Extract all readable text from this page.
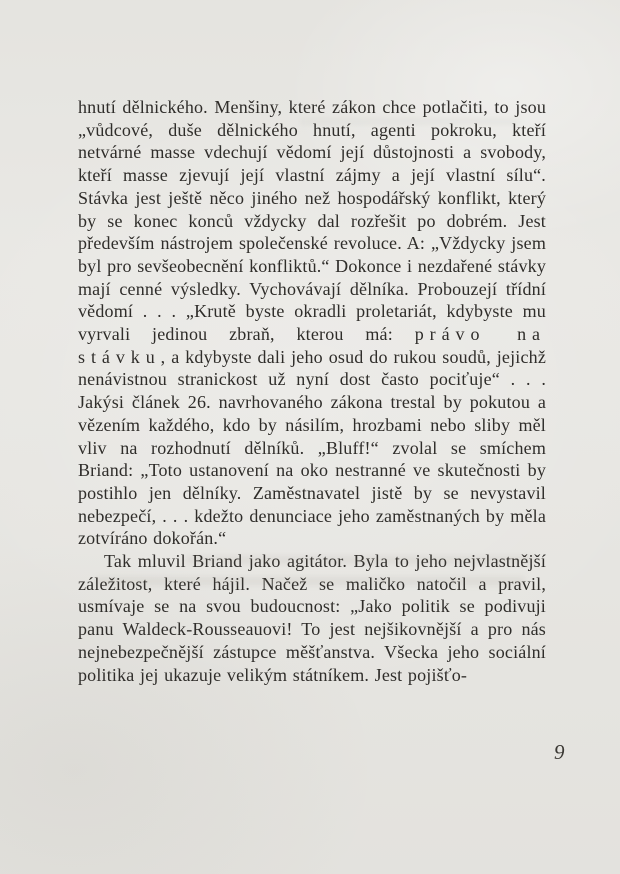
hnutí dělnického. Menšiny, které zákon chce potlačiti, to jsou „vůdcové, duše dělnického hnutí, agenti pokroku, kteří netvárné masse vdechují vědomí její důstojnosti a svobody, kteří masse zjevují její vlastní zájmy a její vlastní sílu“. Stávka jest ještě něco jiného než hospodářský konflikt, který by se konec konců vždycky dal rozřešit po dobrém. Jest především nástrojem společenské revoluce. A: „Vždycky jsem byl pro sevšeobecnění konfliktů.“ Dokonce i nezdařené stávky mají cenné výsledky. Vychovávají dělníka. Probouzejí třídní vědomí . . . „Krutě byste okradli proletariát, kdybyste mu vyrvali jedinou zbraň, kterou má: právo na stávku, a kdybyste dali jeho osud do rukou soudů, jejichž nenávistnou stranickost už nyní dost často pociťuje“ . . . Jakýsi článek 26. navrhovaného zákona trestal by pokutou a vězením každého, kdo by násilím, hrozbami nebo sliby měl vliv na rozhodnutí dělníků. „Bluff!“ zvolal se smíchem Briand: „Toto ustanovení na oko nestranné ve skutečnosti by postihlo jen dělníky. Zaměstnavatel jistě by se nevystavil nebezpečí, . . . kdežto denunciace jeho zaměstnaných by měla zotvíráno dokořán.“

Tak mluvil Briand jako agitátor. Byla to jeho nejvlastnější záležitost, které hájil. Načež se maličko natočil a pravil, usmívaje se na svou budoucnost: „Jako politik se podivuji panu Waldeck-Rousseauovi! To jest nejšikovnější a pro nás nejnebezpečnější zástupce měšťanstva. Všecka jeho sociální politika jej ukazuje velikým státníkem. Jest pojišťo-

9
